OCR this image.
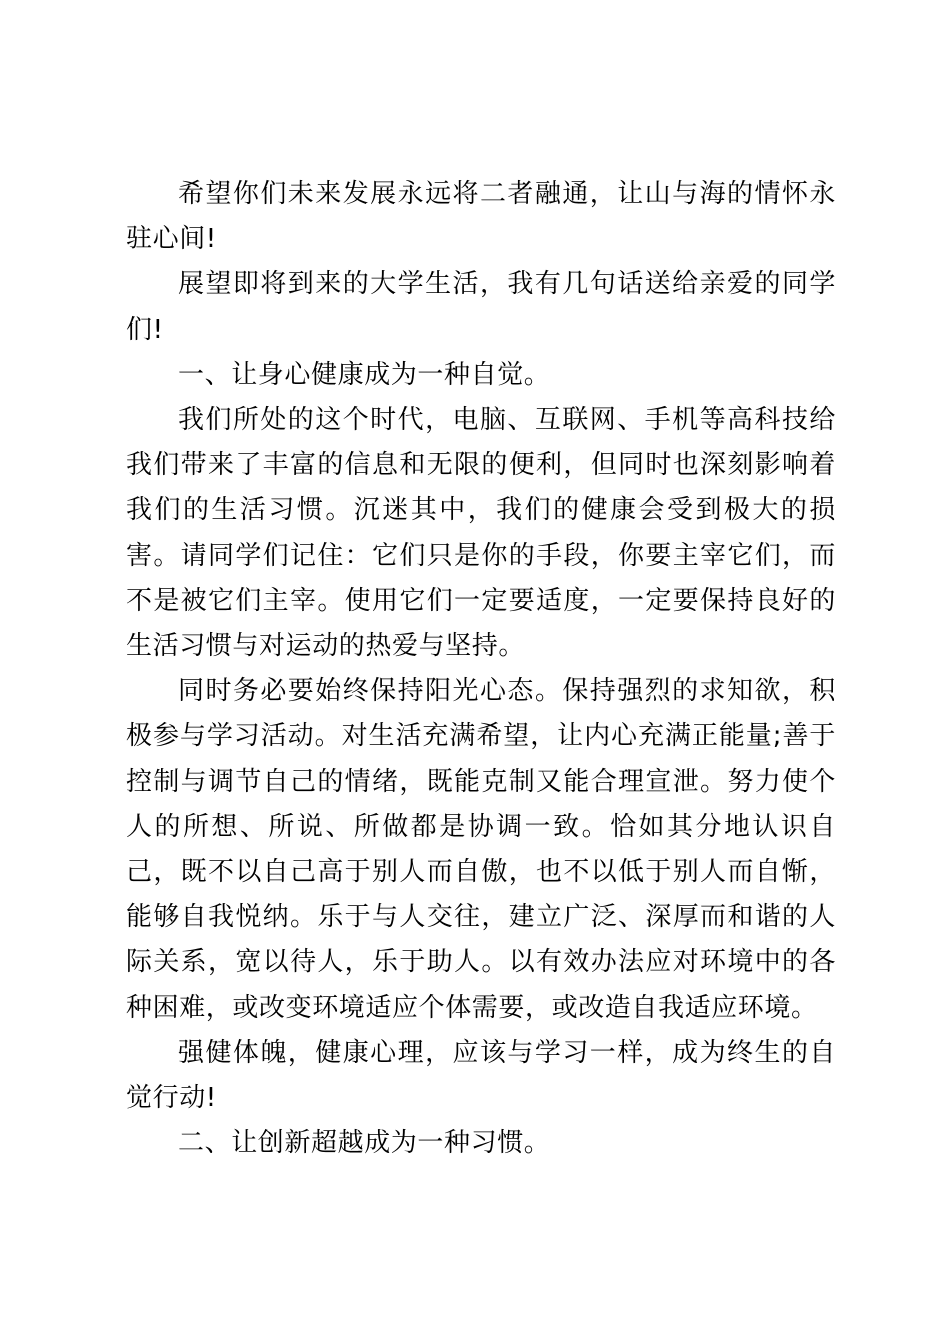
希望你们未来发展永远将二者融通，让山与海的情怀永驻心间!

展望即将到来的大学生活，我有几句话送给亲爱的同学们!

一、让身心健康成为一种自觉。

我们所处的这个时代，电脑、互联网、手机等高科技给我们带来了丰富的信息和无限的便利，但同时也深刻影响着我们的生活习惯。沉迷其中，我们的健康会受到极大的损害。请同学们记住：它们只是你的手段，你要主宰它们，而不是被它们主宰。使用它们一定要适度，一定要保持良好的生活习惯与对运动的热爱与坚持。

同时务必要始终保持阳光心态。保持强烈的求知欲，积极参与学习活动。对生活充满希望，让内心充满正能量;善于控制与调节自己的情绪，既能克制又能合理宣泄。努力使个人的所想、所说、所做都是协调一致。恰如其分地认识自己，既不以自己高于别人而自傲，也不以低于别人而自惭，能够自我悦纳。乐于与人交往，建立广泛、深厚而和谐的人际关系，宽以待人，乐于助人。以有效办法应对环境中的各种困难，或改变环境适应个体需要，或改造自我适应环境。

强健体魄，健康心理，应该与学习一样，成为终生的自觉行动!

二、让创新超越成为一种习惯。
